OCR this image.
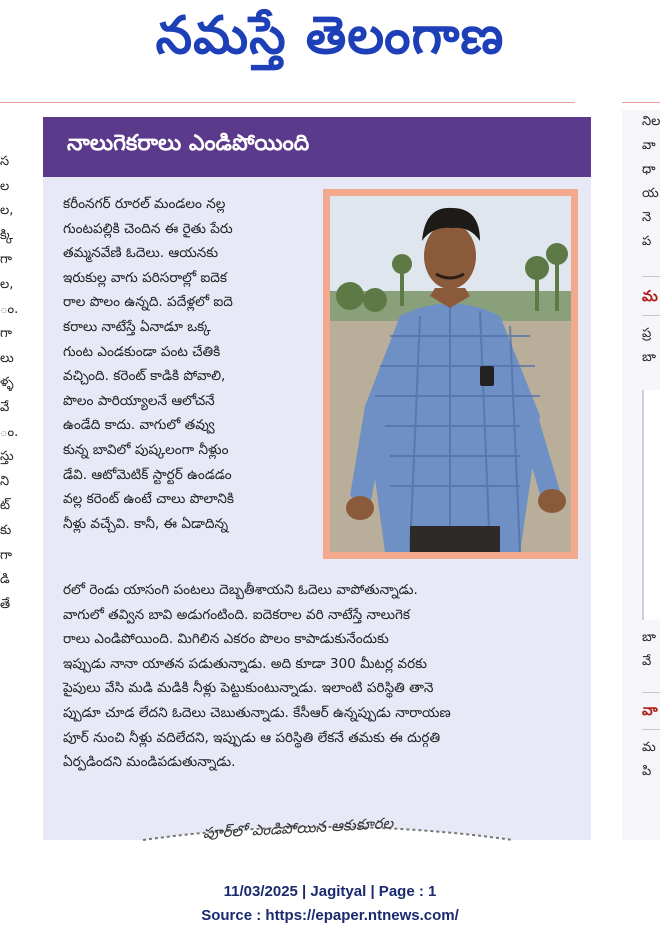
నమస్తే తెలంగాణ
స
ల
ల,
క్కి
గా
ల,
ం.
గా
లు
ళ్ళ
వే
ం.
స్తు
ని
ట్
కు
గా
డి
తే
నాలుగెకరాలు ఎండిపోయింది
కరీంనగర్ రూరల్ మండలం నల్ల
గుంటపల్లికి చెందిన ఈ రైతు పేరు
తమ్మనవేణి ఓదెలు. ఆయనకు
ఇరుకుల్ల వాగు పరిసరాల్లో ఐదెక
రాల పొలం ఉన్నది. పదేళ్లలో ఐదె
కరాలు నాటేస్తే ఏనాడూ ఒక్క
గుంట ఎండకుండా పంట చేతికి
వచ్చింది. కరెంట్ కాడికి పోవాలి,
పొలం పారియ్యాలనే ఆలోచనే
ఉండేది కాదు. వాగులో తవ్వు
కున్న బావిలో పుష్కలంగా నీళ్లుం
డేవి. ఆటోమెటిక్ స్టార్టర్ ఉండడం
వల్ల కరెంట్ ఉంటే చాలు పొలానికి
నీళ్లు వచ్చేవి. కానీ, ఈ ఏడాదిన్న
రలో రెండు యాసంగి పంటలు దెబ్బతీశాయని ఓదెలు వాపోతున్నాడు.
వాగులో తవ్విన బావి అడుగంటింది. ఐదెకరాల వరి నాటేస్తే నాలుగెక
రాలు ఎండిపోయింది. మిగిలిన ఎకరం పొలం కాపాడుకునేందుకు
ఇప్పుడు నానా యాతన పడుతున్నాడు. అది కూడా 300 మీటర్ల వరకు
పైపులు వేసి మడి మడికి నీళ్లు పెట్టుకుంటున్నాడు. ఇలాంటి పరిస్థితి తానె
ప్పుడూ చూడ లేదని ఓదెలు చెబుతున్నాడు. కేసీఆర్ ఉన్నప్పుడు నారాయణ
పూర్ నుంచి నీళ్లు వదిలేదని, ఇప్పుడు ఆ పరిస్థితి లేకనే తమకు ఈ దుర్గతి
ఏర్పడిందని మండిపడుతున్నాడు.
పూర్‌లో ఎండిపోయిన ఆకుకూరల
నిల
వా
ధా
య
నె
ప
మ
ప్ర
బా
బా
వే
వా
మ
పి
11/03/2025 | Jagityal | Page : 1
Source : https://epaper.ntnews.com/
